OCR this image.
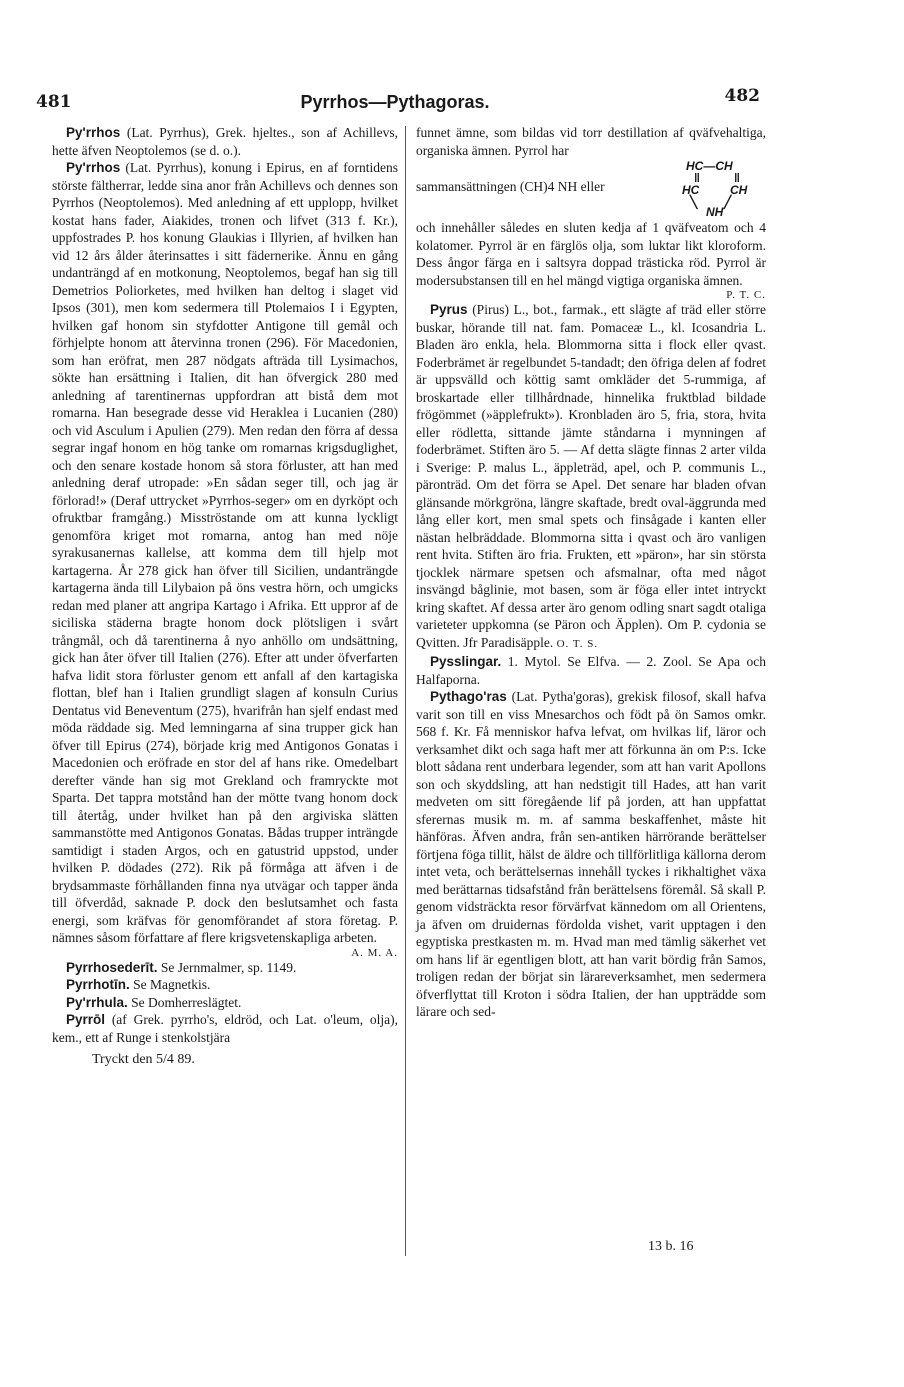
481	Pyrrhos—Pythagoras.	482

Py'rrhos (Lat. Pyrrhus), Grek. hjeltes., son af Achillevs, hette äfven Neoptolemos (se d. o.).

Py'rrhos (Lat. Pyrrhus), konung i Epirus, en af forntidens störste fältherrar, ledde sina anor från Achillevs och dennes son Pyrrhos (Neoptolemos). Med anledning af ett upplopp, hvilket kostat hans fader, Aiakides, tronen och lifvet (313 f. Kr.), uppfostrades P. hos konung Glaukias i Illyrien, af hvilken han vid 12 års ålder återinsattes i sitt fädernerike. Ännu en gång undanträngd af en motkonung, Neoptolemos, begaf han sig till Demetrios Poliorketes, med hvilken han deltog i slaget vid Ipsos (301), men kom sedermera till Ptolemaios I i Egypten, hvilken gaf honom sin styfdotter Antigone till gemål och förhjelpte honom att återvinna tronen (296). För Macedonien, som han eröfrat, men 287 nödgats afträda till Lysimachos, sökte han ersättning i Italien, dit han öfvergick 280 med anledning af tarentinernas uppfordran att bistå dem mot romarna. Han besegrade desse vid Heraklea i Lucanien (280) och vid Asculum i Apulien (279). Men redan den förra af dessa segrar ingaf honom en hög tanke om romarnas krigsduglighet, och den senare kostade honom så stora förluster, att han med anledning deraf utropade: »En sådan seger till, och jag är förlorad!» (Deraf uttrycket »Pyrrhos-seger» om en dyrköpt och ofruktbar framgång.) Misströstande om att kunna lyckligt genomföra kriget mot romarna, antog han med nöje syrakusanernas kallelse, att komma dem till hjelp mot kartagerna. År 278 gick han öfver till Sicilien, undanträngde kartagerna ända till Lilybaion på öns vestra hörn, och umgicks redan med planer att angripa Kartago i Afrika. Ett uppror af de siciliska städerna bragte honom dock plötsligen i svårt trångmål, och då tarentinerna å nyo anhöllo om undsättning, gick han åter öfver till Italien (276). Efter att under öfverfarten hafva lidit stora förluster genom ett anfall af den kartagiska flottan, blef han i Italien grundligt slagen af konsuln Curius Dentatus vid Beneventum (275), hvarifrån han sjelf endast med möda räddade sig. Med lemningarna af sina trupper gick han öfver till Epirus (274), började krig med Antigonos Gonatas i Macedonien och eröfrade en stor del af hans rike. Omedelbart derefter vände han sig mot Grekland och framryckte mot Sparta. Det tappra motstånd han der mötte tvang honom dock till återtåg, under hvilket han på den argiviska slätten sammanstötte med Antigonos Gonatas. Bådas trupper inträngde samtidigt i staden Argos, och en gatustrid uppstod, under hvilken P. dödades (272). Rik på förmåga att äfven i de brydsammaste förhållanden finna nya utvägar och tapper ända till öfverdåd, saknade P. dock den beslutsamhet och fasta energi, som kräfvas för genomförandet af stora företag. P. nämnes såsom författare af flere krigsvetenskapliga arbeten.

A. M. A.

Pyrrhosederīt. Se Jernmalmer, sp. 1149.

Pyrrhotīn. Se Magnetkis.

Py'rrhula. Se Domherreslägtet.

Pyrrōl (af Grek. pyrrho's, eldröd, och Lat. o'leum, olja), kem., ett af Runge i stenkolstjära

Tryckt den 5/4 89.

funnet ämne, som bildas vid torr destillation af qväfvehaltiga, organiska ämnen. Pyrrol har

sammansättningen (CH)4 NH eller
HC—CH
‖	‖
HC	CH
╲ ╱
NH

och innehåller således en sluten kedja af 1 qväfveatom och 4 kolatomer. Pyrrol är en färglös olja, som luktar likt kloroform. Dess ångor färga en i saltsyra doppad trästicka röd. Pyrrol är modersubstansen till en hel mängd vigtiga organiska ämnen.

P. T. C.

Pyrus (Pirus) L., bot., farmak., ett slägte af träd eller större buskar, hörande till nat. fam. Pomaceæ L., kl. Icosandria L. Bladen äro enkla, hela. Blommorna sitta i flock eller qvast. Foderbrämet är regelbundet 5-tandadt; den öfriga delen af fodret är uppsvälld och köttig samt omkläder det 5-rummiga, af broskartade eller tillhårdnade, hinnelika fruktblad bildade frögömmet (»äpplefrukt»). Kronbladen äro 5, fria, stora, hvita eller rödletta, sittande jämte ståndarna i mynningen af foderbrämet. Stiften äro 5. — Af detta slägte finnas 2 arter vilda i Sverige: P. malus L., äppleträd, apel, och P. communis L., päronträd. Om det förra se Apel. Det senare har bladen ofvan glänsande mörkgröna, längre skaftade, bredt oval-äggrunda med lång eller kort, men smal spets och finsågade i kanten eller nästan helbräddade. Blommorna sitta i qvast och äro vanligen rent hvita. Stiften äro fria. Frukten, ett »päron», har sin största tjocklek närmare spetsen och afsmalnar, ofta med något insvängd båglinie, mot basen, som är föga eller intet intryckt kring skaftet. Af dessa arter äro genom odling snart sagdt otaliga varieteter uppkomna (se Päron och Äpplen). Om P. cydonia se Qvitten. Jfr Paradisäpple. O. T. S.

Pysslingar. 1. Mytol. Se Elfva. — 2. Zool. Se Apa och Halfaporna.

Pythago'ras (Lat. Pytha'goras), grekisk filosof, skall hafva varit son till en viss Mnesarchos och födt på ön Samos omkr. 568 f. Kr. Få menniskor hafva lefvat, om hvilkas lif, läror och verksamhet dikt och saga haft mer att förkunna än om P:s. Icke blott sådana rent underbara legender, som att han varit Apollons son och skyddsling, att han nedstigit till Hades, att han varit medveten om sitt föregående lif på jorden, att han uppfattat sferernas musik m. m. af samma beskaffenhet, måste hit hänföras. Äfven andra, från sen-antiken härrörande berättelser förtjena föga tillit, hälst de äldre och tillförlitliga källorna derom intet veta, och berättelsernas innehåll tyckes i rikhaltighet växa med berättarnas tidsafstånd från berättelsens föremål. Så skall P. genom vidsträckta resor förvärfvat kännedom om all Orientens, ja äfven om druidernas fördolda vishet, varit upptagen i den egyptiska prestkasten m. m. Hvad man med tämlig säkerhet vet om hans lif är egentligen blott, att han varit bördig från Samos, troligen redan der börjat sin lärareverksamhet, men sedermera öfverflyttat till Kroton i södra Italien, der han uppträdde som lärare och sed-

13 b. 16
